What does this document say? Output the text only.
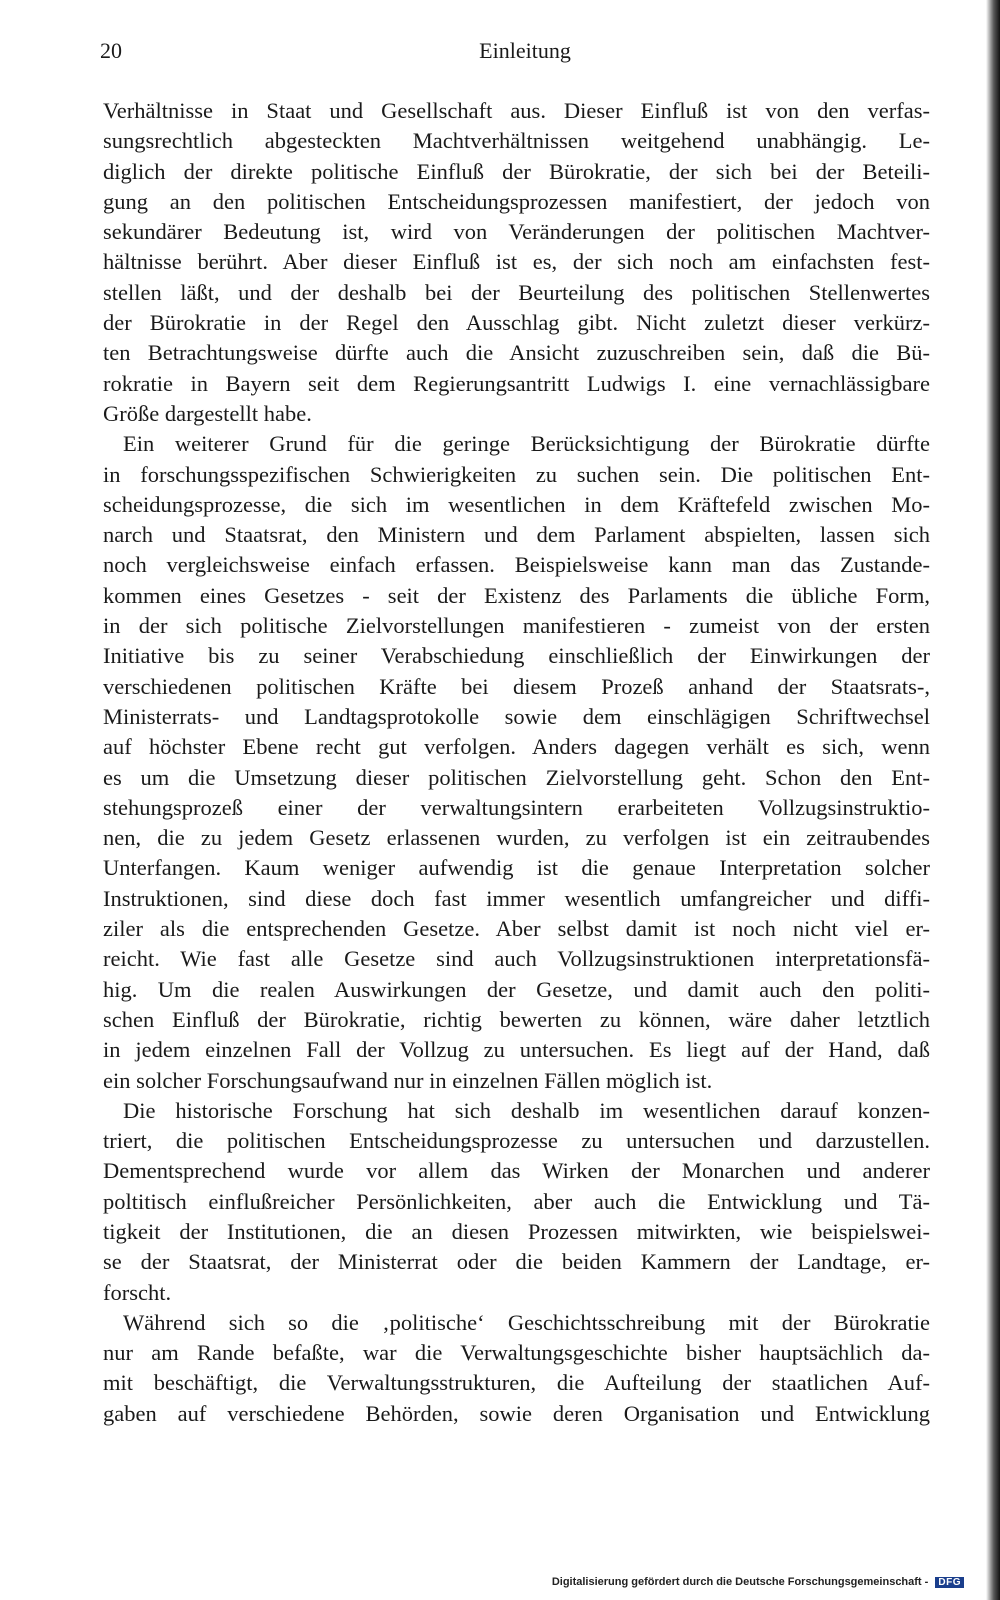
20	Einleitung
Verhältnisse in Staat und Gesellschaft aus. Dieser Einfluß ist von den verfas-
sungsrechtlich abgesteckten Machtverhältnissen weitgehend unabhängig. Le-
diglich der direkte politische Einfluß der Bürokratie, der sich bei der Beteili-
gung an den politischen Entscheidungsprozessen manifestiert, der jedoch von
sekundärer Bedeutung ist, wird von Veränderungen der politischen Machtver-
hältnisse berührt. Aber dieser Einfluß ist es, der sich noch am einfachsten fest-
stellen läßt, und der deshalb bei der Beurteilung des politischen Stellenwertes
der Bürokratie in der Regel den Ausschlag gibt. Nicht zuletzt dieser verkürz-
ten Betrachtungsweise dürfte auch die Ansicht zuzuschreiben sein, daß die Bü-
rokratie in Bayern seit dem Regierungsantritt Ludwigs I. eine vernachlässigbare
Größe dargestellt habe.
Ein weiterer Grund für die geringe Berücksichtigung der Bürokratie dürfte
in forschungsspezifischen Schwierigkeiten zu suchen sein. Die politischen Ent-
scheidungsprozesse, die sich im wesentlichen in dem Kräftefeld zwischen Mo-
narch und Staatsrat, den Ministern und dem Parlament abspielten, lassen sich
noch vergleichsweise einfach erfassen. Beispielsweise kann man das Zustande-
kommen eines Gesetzes - seit der Existenz des Parlaments die übliche Form,
in der sich politische Zielvorstellungen manifestieren - zumeist von der ersten
Initiative bis zu seiner Verabschiedung einschließlich der Einwirkungen der
verschiedenen politischen Kräfte bei diesem Prozeß anhand der Staatsrats-,
Ministerrats- und Landtagsprotokolle sowie dem einschlägigen Schriftwechsel
auf höchster Ebene recht gut verfolgen. Anders dagegen verhält es sich, wenn
es um die Umsetzung dieser politischen Zielvorstellung geht. Schon den Ent-
stehungsprozeß einer der verwaltungsintern erarbeiteten Vollzugsinstruktio-
nen, die zu jedem Gesetz erlassenen wurden, zu verfolgen ist ein zeitraubendes
Unterfangen. Kaum weniger aufwendig ist die genaue Interpretation solcher
Instruktionen, sind diese doch fast immer wesentlich umfangreicher und diffi-
ziler als die entsprechenden Gesetze. Aber selbst damit ist noch nicht viel er-
reicht. Wie fast alle Gesetze sind auch Vollzugsinstruktionen interpretationsfä-
hig. Um die realen Auswirkungen der Gesetze, und damit auch den politi-
schen Einfluß der Bürokratie, richtig bewerten zu können, wäre daher letztlich
in jedem einzelnen Fall der Vollzug zu untersuchen. Es liegt auf der Hand, daß
ein solcher Forschungsaufwand nur in einzelnen Fällen möglich ist.
Die historische Forschung hat sich deshalb im wesentlichen darauf konzen-
triert, die politischen Entscheidungsprozesse zu untersuchen und darzustellen.
Dementsprechend wurde vor allem das Wirken der Monarchen und anderer
poltitisch einflußreicher Persönlichkeiten, aber auch die Entwicklung und Tä-
tigkeit der Institutionen, die an diesen Prozessen mitwirkten, wie beispielswei-
se der Staatsrat, der Ministerrat oder die beiden Kammern der Landtage, er-
forscht.
Während sich so die ‚politische‘ Geschichtsschreibung mit der Bürokratie
nur am Rande befaßte, war die Verwaltungsgeschichte bisher hauptsächlich da-
mit beschäftigt, die Verwaltungsstrukturen, die Aufteilung der staatlichen Auf-
gaben auf verschiedene Behörden, sowie deren Organisation und Entwicklung
Digitalisierung gefördert durch die Deutsche Forschungsgemeinschaft - DFG
